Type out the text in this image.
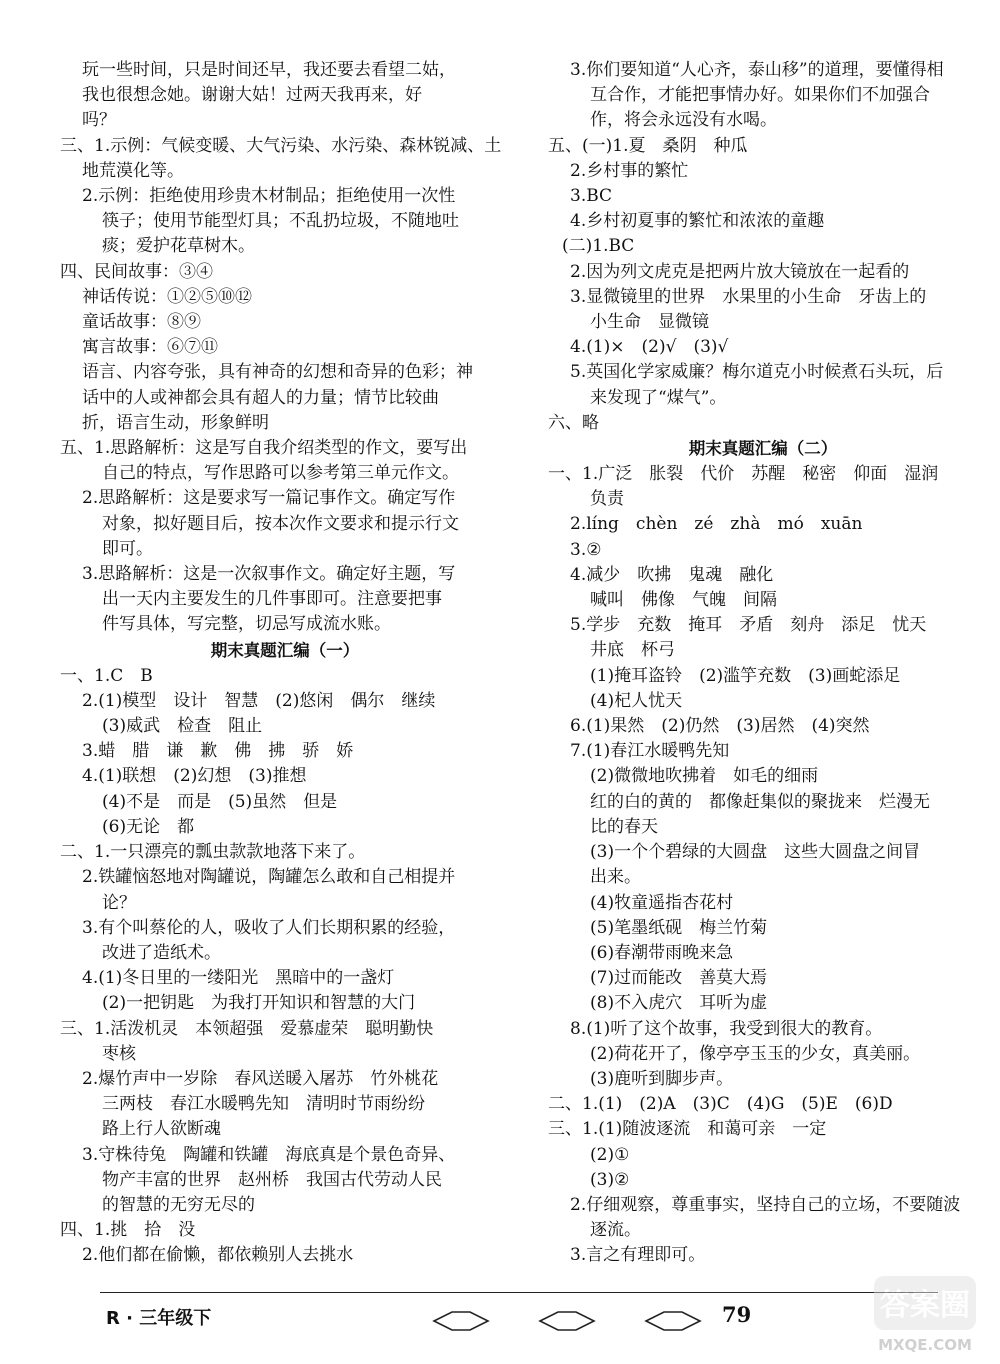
玩一些时间，只是时间还早，我还要去看望二姑，
我也很想念她。谢谢大姑！过两天我再来，好
吗？
三、1.示例：气候变暖、大气污染、水污染、森林锐减、土
地荒漠化等。
2.示例：拒绝使用珍贵木材制品；拒绝使用一次性
筷子；使用节能型灯具；不乱扔垃圾，不随地吐
痰；爱护花草树木。
四、民间故事：③④
神话传说：①②⑤⑩⑫
童话故事：⑧⑨
寓言故事：⑥⑦⑪
语言、内容夸张，具有神奇的幻想和奇异的色彩；神
话中的人或神都会具有超人的力量；情节比较曲
折，语言生动，形象鲜明
五、1.思路解析：这是写自我介绍类型的作文，要写出
自己的特点，写作思路可以参考第三单元作文。
2.思路解析：这是要求写一篇记事作文。确定写作
对象，拟好题目后，按本次作文要求和提示行文
即可。
3.思路解析：这是一次叙事作文。确定好主题，写
出一天内主要发生的几件事即可。注意要把事
件写具体，写完整，切忌写成流水账。
期末真题汇编（一）
一、1.C　B
2.(1)模型　设计　智慧　(2)悠闲　偶尔　继续
(3)威武　检查　阻止
3.蜡　腊　谦　歉　佛　拂　骄　娇
4.(1)联想　(2)幻想　(3)推想
(4)不是　而是　(5)虽然　但是
(6)无论　都
二、1.一只漂亮的瓢虫款款地落下来了。
2.铁罐恼怒地对陶罐说，陶罐怎么敢和自己相提并
论？
3.有个叫蔡伦的人，吸收了人们长期积累的经验，
改进了造纸术。
4.(1)冬日里的一缕阳光　黑暗中的一盏灯
(2)一把钥匙　为我打开知识和智慧的大门
三、1.活泼机灵　本领超强　爱慕虚荣　聪明勤快
枣核
2.爆竹声中一岁除　春风送暖入屠苏　竹外桃花
三两枝　春江水暖鸭先知　清明时节雨纷纷
路上行人欲断魂
3.守株待兔　陶罐和铁罐　海底真是个景色奇异、
物产丰富的世界　赵州桥　我国古代劳动人民
的智慧的无穷无尽的
四、1.挑　拾　没
2.他们都在偷懒，都依赖别人去挑水
3.你们要知道“人心齐，泰山移”的道理，要懂得相
互合作，才能把事情办好。如果你们不加强合
作，将会永远没有水喝。
五、(一)1.夏　桑阴　种瓜
2.乡村事的繁忙
3.BC
4.乡村初夏事的繁忙和浓浓的童趣
(二)1.BC
2.因为列文虎克是把两片放大镜放在一起看的
3.显微镜里的世界　水果里的小生命　牙齿上的
小生命　显微镜
4.(1)×　(2)√　(3)√
5.英国化学家威廉？梅尔道克小时候煮石头玩，后
来发现了“煤气”。
六、略
期末真题汇编（二）
一、1.广泛　胀裂　代价　苏醒　秘密　仰面　湿润
负责
2.líng　chèn　zé　zhà　mó　xuān
3.②
4.减少　吹拂　鬼魂　融化
喊叫　佛像　气魄　间隔
5.学步　充数　掩耳　矛盾　刻舟　添足　忧天
井底　杯弓
(1)掩耳盗铃　(2)滥竽充数　(3)画蛇添足
(4)杞人忧天
6.(1)果然　(2)仍然　(3)居然　(4)突然
7.(1)春江水暖鸭先知
(2)微微地吹拂着　如毛的细雨
红的白的黄的　都像赶集似的聚拢来　烂漫无
比的春天
(3)一个个碧绿的大圆盘　这些大圆盘之间冒
出来。
(4)牧童遥指杏花村
(5)笔墨纸砚　梅兰竹菊
(6)春潮带雨晚来急
(7)过而能改　善莫大焉
(8)不入虎穴　耳听为虚
8.(1)听了这个故事，我受到很大的教育。
(2)荷花开了，像亭亭玉玉的少女，真美丽。
(3)鹿听到脚步声。
二、1.(1)　(2)A　(3)C　(4)G　(5)E　(6)D
三、1.(1)随波逐流　和蔼可亲　一定
(2)①
(3)②
2.仔细观察，尊重事实，坚持自己的立场，不要随波
逐流。
3.言之有理即可。
R · 三年级下	79	答案圈
MXQE.COM
